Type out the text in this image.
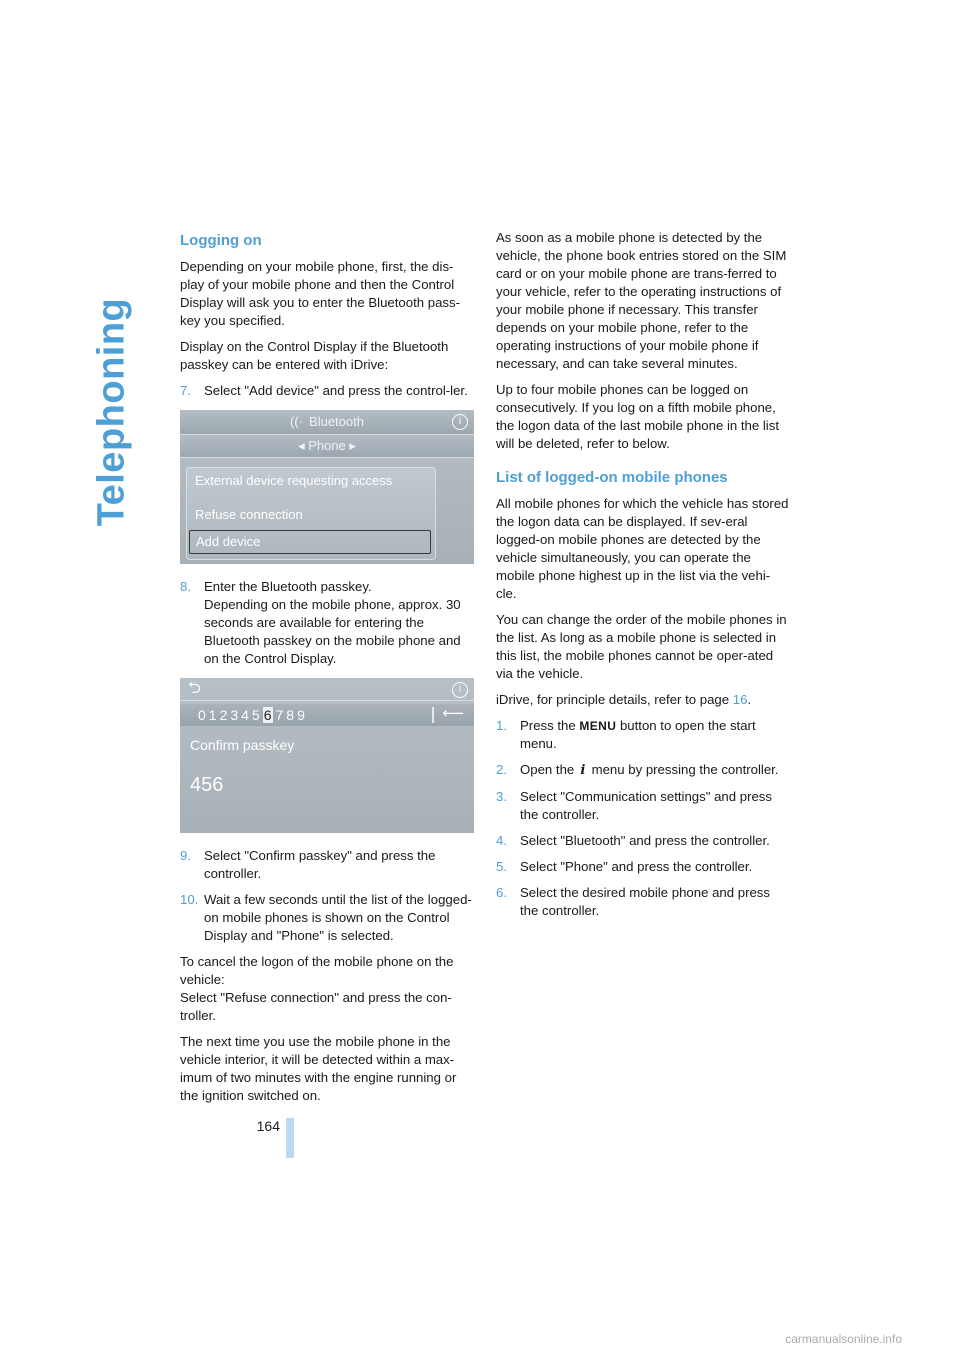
Telephoning
Logging on

Depending on your mobile phone, first, the dis-play of your mobile phone and then the Control Display will ask you to enter the Bluetooth pass-key you specified.

Display on the Control Display if the Bluetooth passkey can be entered with iDrive:

7. Select "Add device" and press the control-ler.
((· Bluetooth	i
◂ Phone ▸
External device requesting access
Refuse connection
Add device
8. Enter the Bluetooth passkey.
Depending on the mobile phone, approx. 30 seconds are available for entering the Bluetooth passkey on the mobile phone and on the Control Display.
⮌	i
0123456 789	⟵
Confirm passkey
456
9. Select "Confirm passkey" and press the controller.
10. Wait a few seconds until the list of the logged-on mobile phones is shown on the Control Display and "Phone" is selected.

To cancel the logon of the mobile phone on the vehicle:
Select "Refuse connection" and press the con-troller.

The next time you use the mobile phone in the vehicle interior, it will be detected within a max-imum of two minutes with the engine running or the ignition switched on.

As soon as a mobile phone is detected by the vehicle, the phone book entries stored on the SIM card or on your mobile phone are trans-ferred to your vehicle, refer to the operating instructions of your mobile phone if necessary. This transfer depends on your mobile phone, refer to the operating instructions of your mobile phone if necessary, and can take several minutes.

Up to four mobile phones can be logged on consecutively. If you log on a fifth mobile phone, the logon data of the last mobile phone in the list will be deleted, refer to below.

List of logged-on mobile phones

All mobile phones for which the vehicle has stored the logon data can be displayed. If sev-eral logged-on mobile phones are detected by the vehicle simultaneously, you can operate the mobile phone highest up in the list via the vehi-cle.

You can change the order of the mobile phones in the list. As long as a mobile phone is selected in this list, the mobile phones cannot be oper-ated via the vehicle.

iDrive, for principle details, refer to page 16.

1. Press the MENU button to open the start menu.
2. Open the i menu by pressing the controller.
3. Select "Communication settings" and press the controller.
4. Select "Bluetooth" and press the controller.
5. Select "Phone" and press the controller.
6. Select the desired mobile phone and press the controller.
164
carmanualsonline.info
